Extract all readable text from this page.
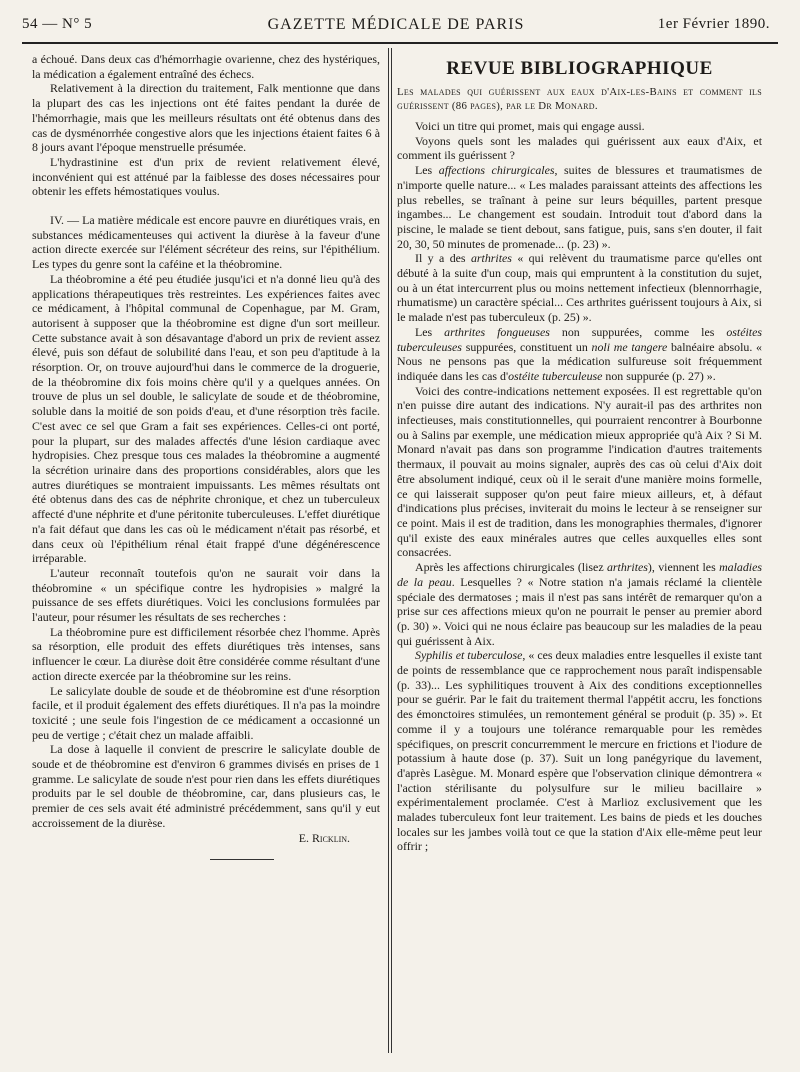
54 — N° 5	GAZETTE MÉDICALE DE PARIS	1er Février 1890.

a échoué. Dans deux cas d'hémorrhagie ovarienne, chez des hystériques, la médication a également entraîné des échecs.

Relativement à la direction du traitement, Falk mentionne que dans la plupart des cas les injections ont été faites pendant la durée de l'hémorrhagie, mais que les meilleurs résultats ont été obtenus dans des cas de dysménorrhée congestive alors que les injections étaient faites 6 à 8 jours avant l'époque menstruelle présumée.

L'hydrastinine est d'un prix de revient relativement élevé, inconvénient qui est atténué par la faiblesse des doses nécessaires pour obtenir les effets hémostatiques voulus.

IV. — La matière médicale est encore pauvre en diurétiques vrais, en substances médicamenteuses qui activent la diurèse à la faveur d'une action directe exercée sur l'élément sécréteur des reins, sur l'épithélium. Les types du genre sont la caféine et la théobromine.

La théobromine a été peu étudiée jusqu'ici et n'a donné lieu qu'à des applications thérapeutiques très restreintes. Les expériences faites avec ce médicament, à l'hôpital communal de Copenhague, par M. Gram, autorisent à supposer que la théobromine est digne d'un sort meilleur. Cette substance avait à son désavantage d'abord un prix de revient assez élevé, puis son défaut de solubilité dans l'eau, et son peu d'aptitude à la résorption. Or, on trouve aujourd'hui dans le commerce de la droguerie, de la théobromine dix fois moins chère qu'il y a quelques années. On trouve de plus un sel double, le salicylate de soude et de théobromine, soluble dans la moitié de son poids d'eau, et d'une résorption très facile. C'est avec ce sel que Gram a fait ses expériences. Celles-ci ont porté, pour la plupart, sur des malades affectés d'une lésion cardiaque avec hydropisies. Chez presque tous ces malades la théobromine a augmenté la sécrétion urinaire dans des proportions considérables, alors que les autres diurétiques se montraient impuissants. Les mêmes résultats ont été obtenus dans des cas de néphrite chronique, et chez un tuberculeux affecté d'une néphrite et d'une péritonite tuberculeuses. L'effet diurétique n'a fait défaut que dans les cas où le médicament n'était pas résorbé, et dans ceux où l'épithélium rénal était frappé d'une dégénérescence irréparable.

L'auteur reconnaît toutefois qu'on ne saurait voir dans la théobromine « un spécifique contre les hydropisies » malgré la puissance de ses effets diurétiques. Voici les conclusions formulées par l'auteur, pour résumer les résultats de ses recherches :

La théobromine pure est difficilement résorbée chez l'homme. Après sa résorption, elle produit des effets diurétiques très intenses, sans influencer le cœur. La diurèse doit être considérée comme résultant d'une action directe exercée par la théobromine sur les reins.

Le salicylate double de soude et de théobromine est d'une résorption facile, et il produit également des effets diurétiques. Il n'a pas la moindre toxicité ; une seule fois l'ingestion de ce médicament a occasionné un peu de vertige ; c'était chez un malade affaibli.

La dose à laquelle il convient de prescrire le salicylate double de soude et de théobromine est d'environ 6 grammes divisés en prises de 1 gramme. Le salicylate de soude n'est pour rien dans les effets diurétiques produits par le sel double de théobromine, car, dans plusieurs cas, le premier de ces sels avait été administré précédemment, sans qu'il y eut accroissement de la diurèse.

E. Ricklin.

REVUE BIBLIOGRAPHIQUE

Les malades qui guérissent aux eaux d'Aix-les-Bains et comment ils guérissent (86 pages), par le Dr Monard.

Voici un titre qui promet, mais qui engage aussi.

Voyons quels sont les malades qui guérissent aux eaux d'Aix, et comment ils guérissent ?

Les affections chirurgicales, suites de blessures et traumatismes de n'importe quelle nature... « Les malades paraissant atteints des affections les plus rebelles, se traînant à peine sur leurs béquilles, partent presque ingambes... Le changement est soudain. Introduit tout d'abord dans la piscine, le malade se tient debout, sans fatigue, puis, sans s'en douter, il fait 20, 30, 50 minutes de promenade... (p. 23) ».

Il y a des arthrites « qui relèvent du traumatisme parce qu'elles ont débuté à la suite d'un coup, mais qui empruntent à la constitution du sujet, ou à un état intercurrent plus ou moins nettement infectieux (blennorrhagie, rhumatisme) un caractère spécial... Ces arthrites guérissent toujours à Aix, si le malade n'est pas tuberculeux (p. 25) ».

Les arthrites fongueuses non suppurées, comme les ostéites tuberculeuses suppurées, constituent un noli me tangere balnéaire absolu. « Nous ne pensons pas que la médication sulfureuse soit fréquemment indiquée dans les cas d'ostéite tuberculeuse non suppurée (p. 27) ».

Voici des contre-indications nettement exposées. Il est regrettable qu'on n'en puisse dire autant des indications. N'y aurait-il pas des arthrites non infectieuses, mais constitutionnelles, qui pourraient rencontrer à Bourbonne ou à Salins par exemple, une médication mieux appropriée qu'à Aix ? Si M. Monard n'avait pas dans son programme l'indication d'autres traitements thermaux, il pouvait au moins signaler, auprès des cas où celui d'Aix doit être absolument indiqué, ceux où il le serait d'une manière moins formelle, ce qui laisserait supposer qu'on peut faire mieux ailleurs, et, à défaut d'indications plus précises, inviterait du moins le lecteur à se renseigner sur ce point. Mais il est de tradition, dans les monographies thermales, d'ignorer qu'il existe des eaux minérales autres que celles auxquelles elles sont consacrées.

Après les affections chirurgicales (lisez arthrites), viennent les maladies de la peau. Lesquelles ? « Notre station n'a jamais réclamé la clientèle spéciale des dermatoses ; mais il n'est pas sans intérêt de remarquer qu'on a prise sur ces affections mieux qu'on ne pourrait le penser au premier abord (p. 30) ». Voici qui ne nous éclaire pas beaucoup sur les maladies de la peau qui guérissent à Aix.

Syphilis et tuberculose, « ces deux maladies entre lesquelles il existe tant de points de ressemblance que ce rapprochement nous paraît indispensable (p. 33)... Les syphilitiques trouvent à Aix des conditions exceptionnelles pour se guérir. Par le fait du traitement thermal l'appétit accru, les fonctions des émonctoires stimulées, un remontement général se produit (p. 35) ». Et comme il y a toujours une tolérance remarquable pour les remèdes spécifiques, on prescrit concurremment le mercure en frictions et l'iodure de potassium à haute dose (p. 37). Suit un long panégyrique du lavement, d'après Lasègue. M. Monard espère que l'observation clinique démontrera « l'action stérilisante du polysulfure sur le milieu bacillaire » expérimentalement proclamée. C'est à Marlioz exclusivement que les malades tuberculeux font leur traitement. Les bains de pieds et les douches locales sur les jambes voilà tout ce que la station d'Aix elle-même peut leur offrir ;
